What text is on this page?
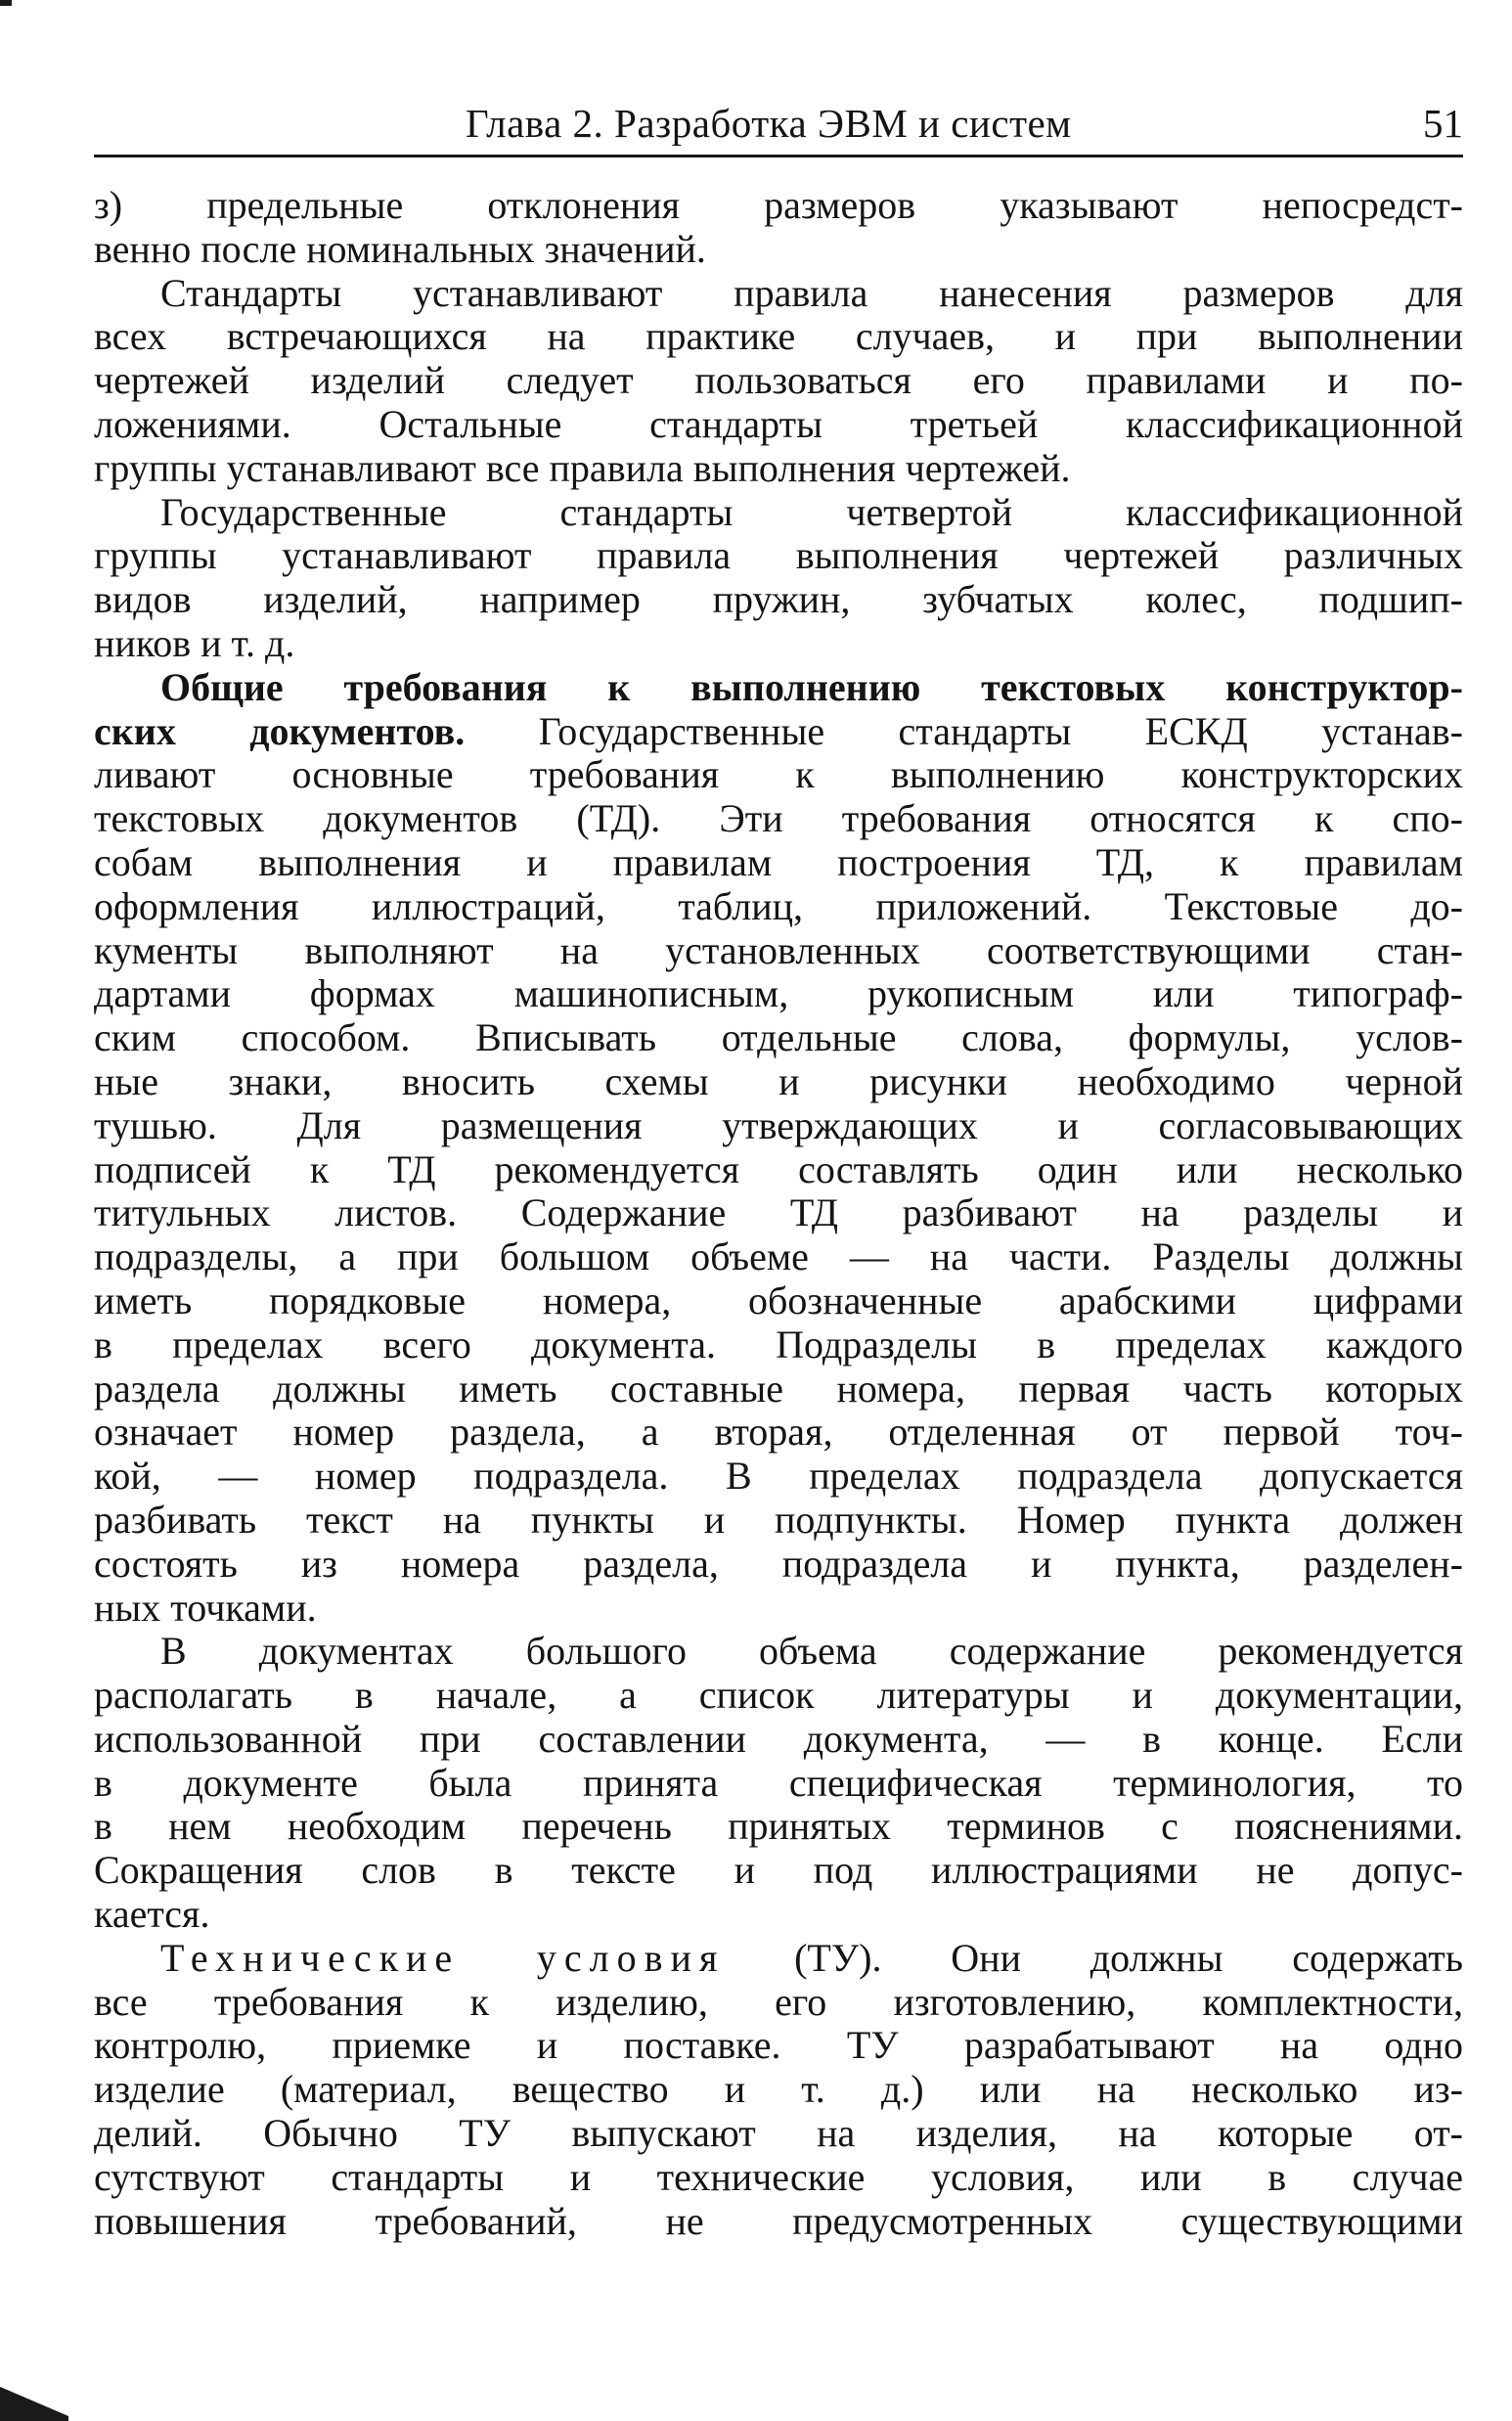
Глава 2. Разработка ЭВМ и систем	51
з) предельные отклонения размеров указывают непосредст-
венно после номинальных значений.
Стандарты устанавливают правила нанесения размеров для
всех встречающихся на практике случаев, и при выполнении
чертежей изделий следует пользоваться его правилами и по-
ложениями. Остальные стандарты третьей классификационной
группы устанавливают все правила выполнения чертежей.
Государственные стандарты четвертой классификационной
группы устанавливают правила выполнения чертежей различных
видов изделий, например пружин, зубчатых колес, подшип-
ников и т. д.
Общие требования к выполнению текстовых конструктор-
ских документов. Государственные стандарты ЕСКД устанав-
ливают основные требования к выполнению конструкторских
текстовых документов (ТД). Эти требования относятся к спо-
собам выполнения и правилам построения ТД, к правилам
оформления иллюстраций, таблиц, приложений. Текстовые до-
кументы выполняют на установленных соответствующими стан-
дартами формах машинописным, рукописным или типограф-
ским способом. Вписывать отдельные слова, формулы, услов-
ные знаки, вносить схемы и рисунки необходимо черной
тушью. Для размещения утверждающих и согласовывающих
подписей к ТД рекомендуется составлять один или несколько
титульных листов. Содержание ТД разбивают на разделы и
подразделы, а при большом объеме — на части. Разделы должны
иметь порядковые номера, обозначенные арабскими цифрами
в пределах всего документа. Подразделы в пределах каждого
раздела должны иметь составные номера, первая часть которых
означает номер раздела, а вторая, отделенная от первой точ-
кой, — номер подраздела. В пределах подраздела допускается
разбивать текст на пункты и подпункты. Номер пункта должен
состоять из номера раздела, подраздела и пункта, разделен-
ных точками.
В документах большого объема содержание рекомендуется
располагать в начале, а список литературы и документации,
использованной при составлении документа, — в конце. Если
в документе была принята специфическая терминология, то
в нем необходим перечень принятых терминов с пояснениями.
Сокращения слов в тексте и под иллюстрациями не допус-
кается.
Технические условия (ТУ). Они должны содержать
все требования к изделию, его изготовлению, комплектности,
контролю, приемке и поставке. ТУ разрабатывают на одно
изделие (материал, вещество и т. д.) или на несколько из-
делий. Обычно ТУ выпускают на изделия, на которые от-
сутствуют стандарты и технические условия, или в случае
повышения требований, не предусмотренных существующими
